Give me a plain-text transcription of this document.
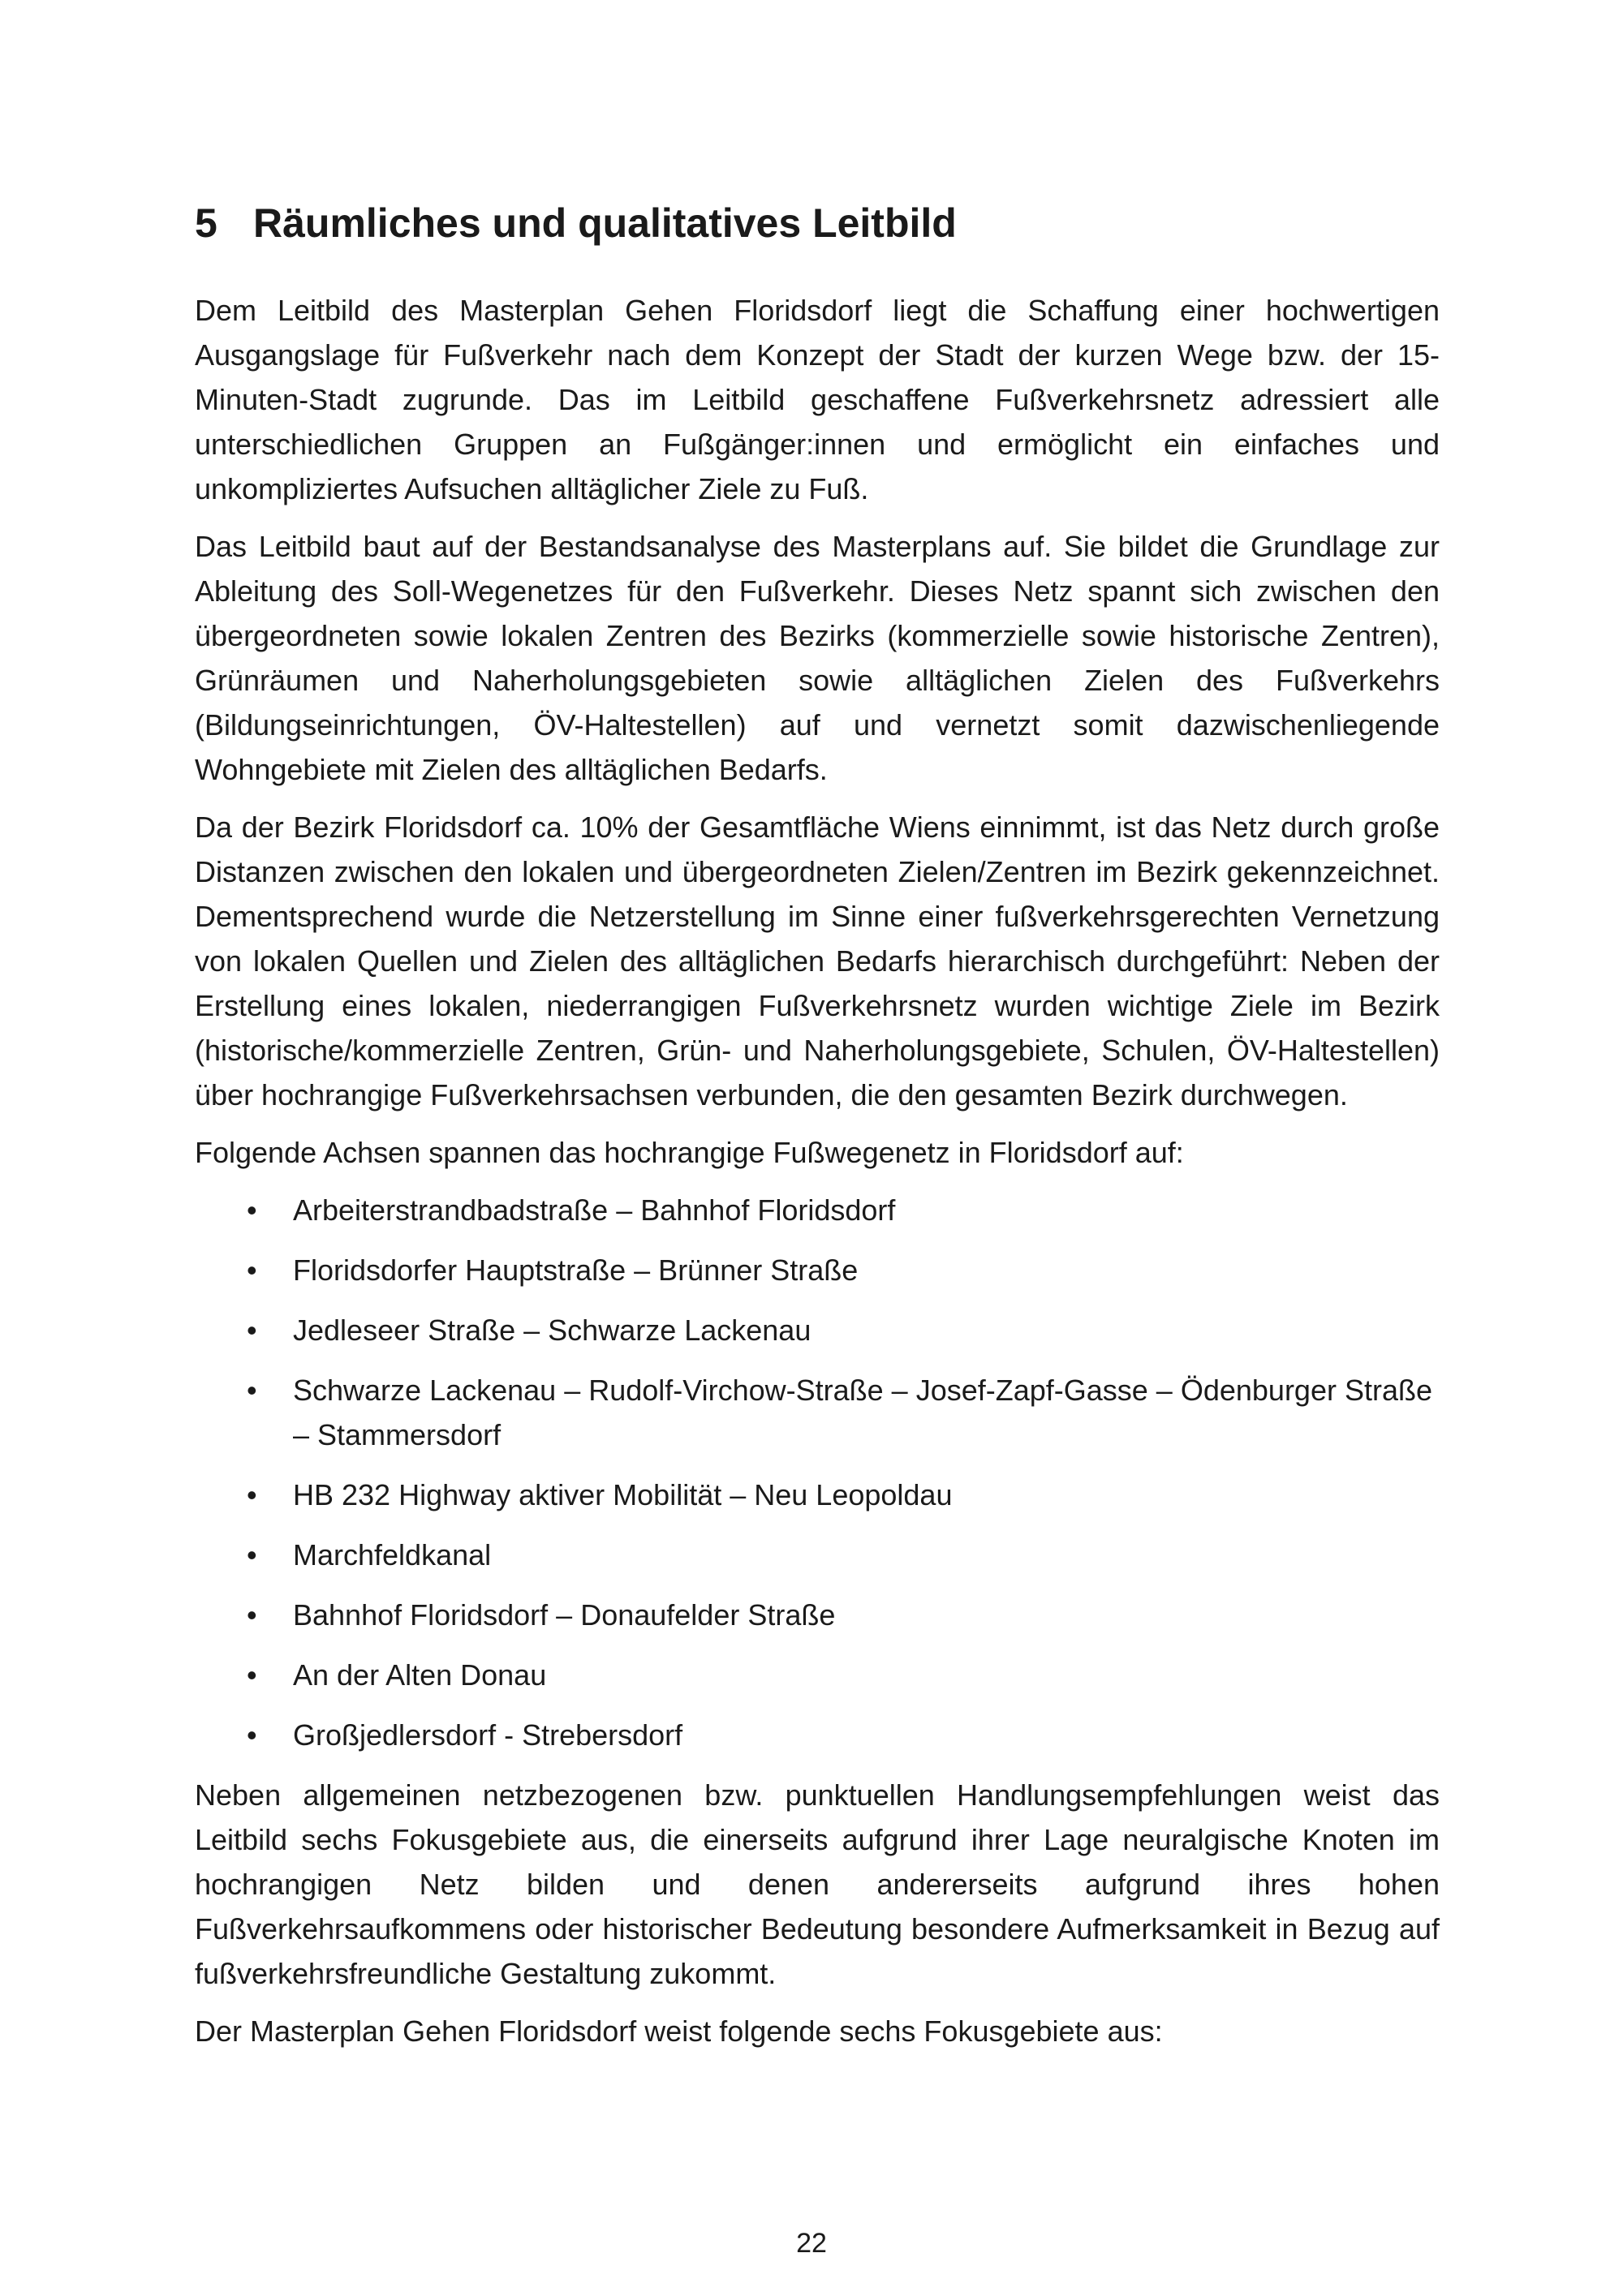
5 Räumliches und qualitatives Leitbild

Dem Leitbild des Masterplan Gehen Floridsdorf liegt die Schaffung einer hochwertigen Ausgangslage für Fußverkehr nach dem Konzept der Stadt der kurzen Wege bzw. der 15-Minuten-Stadt zugrunde. Das im Leitbild geschaffene Fußverkehrsnetz adressiert alle unterschiedlichen Gruppen an Fußgänger:innen und ermöglicht ein einfaches und unkompliziertes Aufsuchen alltäglicher Ziele zu Fuß.

Das Leitbild baut auf der Bestandsanalyse des Masterplans auf. Sie bildet die Grundlage zur Ableitung des Soll-Wegenetzes für den Fußverkehr. Dieses Netz spannt sich zwischen den übergeordneten sowie lokalen Zentren des Bezirks (kommerzielle sowie historische Zentren), Grünräumen und Naherholungsgebieten sowie alltäglichen Zielen des Fußverkehrs (Bildungseinrichtungen, ÖV-Haltestellen) auf und vernetzt somit dazwischenliegende Wohngebiete mit Zielen des alltäglichen Bedarfs.

Da der Bezirk Floridsdorf ca. 10% der Gesamtfläche Wiens einnimmt, ist das Netz durch große Distanzen zwischen den lokalen und übergeordneten Zielen/Zentren im Bezirk gekennzeichnet. Dementsprechend wurde die Netzerstellung im Sinne einer fußverkehrsgerechten Vernetzung von lokalen Quellen und Zielen des alltäglichen Bedarfs hierarchisch durchgeführt: Neben der Erstellung eines lokalen, niederrangigen Fußverkehrsnetz wurden wichtige Ziele im Bezirk (historische/kommerzielle Zentren, Grün- und Naherholungsgebiete, Schulen, ÖV-Haltestellen) über hochrangige Fußverkehrsachsen verbunden, die den gesamten Bezirk durchwegen.

Folgende Achsen spannen das hochrangige Fußwegenetz in Floridsdorf auf:

• Arbeiterstrandbadstraße – Bahnhof Floridsdorf
• Floridsdorfer Hauptstraße – Brünner Straße
• Jedleseer Straße – Schwarze Lackenau
• Schwarze Lackenau – Rudolf-Virchow-Straße – Josef-Zapf-Gasse – Ödenburger Straße – Stammersdorf
• HB 232 Highway aktiver Mobilität – Neu Leopoldau
• Marchfeldkanal
• Bahnhof Floridsdorf – Donaufelder Straße
• An der Alten Donau
• Großjedlersdorf - Strebersdorf

Neben allgemeinen netzbezogenen bzw. punktuellen Handlungsempfehlungen weist das Leitbild sechs Fokusgebiete aus, die einerseits aufgrund ihrer Lage neuralgische Knoten im hochrangigen Netz bilden und denen andererseits aufgrund ihres hohen Fußverkehrsaufkommens oder historischer Bedeutung besondere Aufmerksamkeit in Bezug auf fußverkehrsfreundliche Gestaltung zukommt.

Der Masterplan Gehen Floridsdorf weist folgende sechs Fokusgebiete aus:

22
